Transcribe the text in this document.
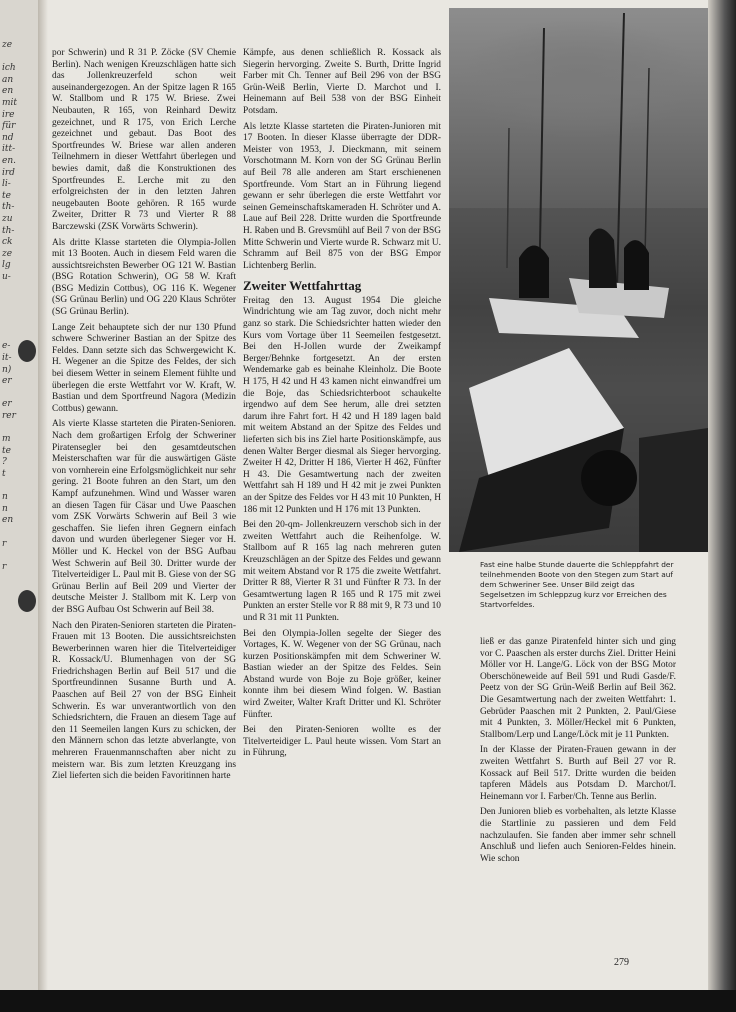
ze

ich
an
en
mit
ire
für
nd
itt-
en.
ird
li-
te
th-
zu
th-
ck
ze
lg
u-

e-
it-
n)
er

er
rer

m
te
?
t

n
n
en

r

r

por Schwerin) und R 31 P. Zöcke (SV Chemie Berlin). Nach wenigen Kreuzschlägen hatte sich das Jollenkreuzerfeld schon weit auseinandergezogen. An der Spitze lagen R 165 W. Stallbom und R 175 W. Briese. Zwei Neubauten, R 165, von Reinhard Dewitz gezeichnet, und R 175, von Erich Lerche gezeichnet und gebaut. Das Boot des Sportfreundes W. Briese war allen anderen Teilnehmern in dieser Wettfahrt überlegen und bewies damit, daß die Konstruktionen des Sportfreundes E. Lerche mit zu den erfolgreichsten der in den letzten Jahren neugebauten Boote gehören. R 165 wurde Zweiter, Dritter R 73 und Vierter R 88 Barczewski (ZSK Vorwärts Schwerin).

Als dritte Klasse starteten die Olympia-Jollen mit 13 Booten. Auch in diesem Feld waren die aussichtsreichsten Bewerber OG 121 W. Bastian (BSG Rotation Schwerin), OG 58 W. Kraft (BSG Medizin Cottbus), OG 116 K. Wegener (SG Grünau Berlin) und OG 220 Klaus Schröter (SG Grünau Berlin).

Lange Zeit behauptete sich der nur 130 Pfund schwere Schweriner Bastian an der Spitze des Feldes. Dann setzte sich das Schwergewicht K. H. Wegener an die Spitze des Feldes, der sich bei diesem Wetter in seinem Element fühlte und überlegen die erste Wettfahrt vor W. Kraft, W. Bastian und dem Sportfreund Nagora (Medizin Cottbus) gewann.

Als vierte Klasse starteten die Piraten-Senioren. Nach dem großartigen Erfolg der Schweriner Piratensegler bei den gesamtdeutschen Meisterschaften war für die auswärtigen Gäste von vornherein eine Erfolgsmöglichkeit nur sehr gering. 21 Boote fuhren an den Start, um den Kampf aufzunehmen. Wind und Wasser waren an diesen Tagen für Cäsar und Uwe Paaschen vom ZSK Vorwärts Schwerin auf Beil 3 wie geschaffen. Sie liefen ihren Gegnern einfach davon und wurden überlegener Sieger vor H. Möller und K. Heckel von der BSG Aufbau West Schwerin auf Beil 30. Dritter wurde der Titelverteidiger L. Paul mit B. Giese von der SG Grünau Berlin auf Beil 209 und Vierter der deutsche Meister J. Stallbom mit K. Lerp von der BSG Aufbau Ost Schwerin auf Beil 38.

Nach den Piraten-Senioren starteten die Piraten-Frauen mit 13 Booten. Die aussichtsreichsten Bewerberinnen waren hier die Titelverteidiger R. Kossack/U. Blumenhagen von der SG Friedrichshagen Berlin auf Beil 517 und die Sportfreundinnen Susanne Burth und A. Paaschen auf Beil 27 von der BSG Einheit Schwerin. Es war unverantwortlich von den Schiedsrichtern, die Frauen an diesem Tage auf den 11 Seemeilen langen Kurs zu schicken, der den Männern schon das letzte abverlangte, von mehreren Frauenmannschaften aber nicht zu meistern war. Bis zum letzten Kreuzgang ins Ziel lieferten sich die beiden Favoritinnen harte

Kämpfe, aus denen schließlich R. Kossack als Siegerin hervorging. Zweite S. Burth, Dritte Ingrid Farber mit Ch. Tenner auf Beil 296 von der BSG Grün-Weiß Berlin, Vierte D. Marchot und I. Heinemann auf Beil 538 von der BSG Einheit Potsdam.

Als letzte Klasse starteten die Piraten-Junioren mit 17 Booten. In dieser Klasse überragte der DDR-Meister von 1953, J. Dieckmann, mit seinem Vorschotmann M. Korn von der SG Grünau Berlin auf Beil 78 alle anderen am Start erschienenen Sportfreunde. Vom Start an in Führung liegend gewann er sehr überlegen die erste Wettfahrt vor seinen Gemeinschaftskameraden H. Schröter und A. Laue auf Beil 228. Dritte wurden die Sportfreunde H. Raben und B. Grevsmühl auf Beil 7 von der BSG Mitte Schwerin und Vierte wurde R. Schwarz mit U. Schramm auf Beil 875 von der BSG Empor Lichtenberg Berlin.

Zweiter Wettfahrttag

Freitag den 13. August 1954 Die gleiche Windrichtung wie am Tag zuvor, doch nicht mehr ganz so stark. Die Schiedsrichter hatten wieder den Kurs vom Vortage über 11 Seemeilen festgesetzt. Bei den H-Jollen wurde der Zweikampf Berger/Behnke fortgesetzt. An der ersten Wendemarke gab es beinahe Kleinholz. Die Boote H 175, H 42 und H 43 kamen nicht einwandfrei um die Boje, das Schiedsrichterboot schaukelte irgendwo auf dem See herum, alle drei setzten darum ihre Fahrt fort. H 42 und H 189 lagen bald mit weitem Abstand an der Spitze des Feldes und lieferten sich bis ins Ziel harte Positionskämpfe, aus denen Walter Berger diesmal als Sieger hervorging. Zweiter H 42, Dritter H 186, Vierter H 462, Fünfter H 43. Die Gesamtwertung nach der zweiten Wettfahrt sah H 189 und H 42 mit je zwei Punkten an der Spitze des Feldes vor H 43 mit 10 Punkten, H 186 mit 12 Punkten und H 176 mit 13 Punkten.

Bei den 20-qm- Jollenkreuzern verschob sich in der zweiten Wettfahrt auch die Reihenfolge. W. Stallbom auf R 165 lag nach mehreren guten Kreuzschlägen an der Spitze des Feldes und gewann mit weitem Abstand vor R 175 die zweite Wettfahrt. Dritter R 88, Vierter R 31 und Fünfter R 73. In der Gesamtwertung lagen R 165 und R 175 mit zwei Punkten an erster Stelle vor R 88 mit 9, R 73 und 10 und R 31 mit 11 Punkten.

Bei den Olympia-Jollen segelte der Sieger des Vortages, K. W. Wegener von der SG Grünau, nach kurzen Positionskämpfen mit dem Schweriner W. Bastian wieder an der Spitze des Feldes. Sein Abstand wurde von Boje zu Boje größer, keiner konnte ihm bei diesem Wind folgen. W. Bastian wird Zweiter, Walter Kraft Dritter und Kl. Schröter Fünfter.

Bei den Piraten-Senioren wollte es der Titelverteidiger L. Paul heute wissen. Vom Start an in Führung,

Fast eine halbe Stunde dauerte die Schleppfahrt der teilnehmenden Boote von den Stegen zum Start auf dem Schweriner See. Unser Bild zeigt das Segelsetzen im Schleppzug kurz vor Erreichen des Startvorfeldes.

ließ er das ganze Piratenfeld hinter sich und ging vor C. Paaschen als erster durchs Ziel. Dritter Heini Möller vor H. Lange/G. Löck von der BSG Motor Oberschöneweide auf Beil 591 und Rudi Gasde/F. Peetz von der SG Grün-Weiß Berlin auf Beil 362. Die Gesamtwertung nach der zweiten Wettfahrt: 1. Gebrüder Paaschen mit 2 Punkten, 2. Paul/Giese mit 4 Punkten, 3. Möller/Heckel mit 6 Punkten, Stallbom/Lerp und Lange/Löck mit je 11 Punkten.

In der Klasse der Piraten-Frauen gewann in der zweiten Wettfahrt S. Burth auf Beil 27 vor R. Kossack auf Beil 517. Dritte wurden die beiden tapferen Mädels aus Potsdam D. Marchot/I. Heinemann vor I. Farber/Ch. Tenne aus Berlin.

Den Junioren blieb es vorbehalten, als letzte Klasse die Startlinie zu passieren und dem Feld nachzulaufen. Sie fanden aber immer sehr schnell Anschluß und liefen auch Senioren-Feldes hinein. Wie schon

279
